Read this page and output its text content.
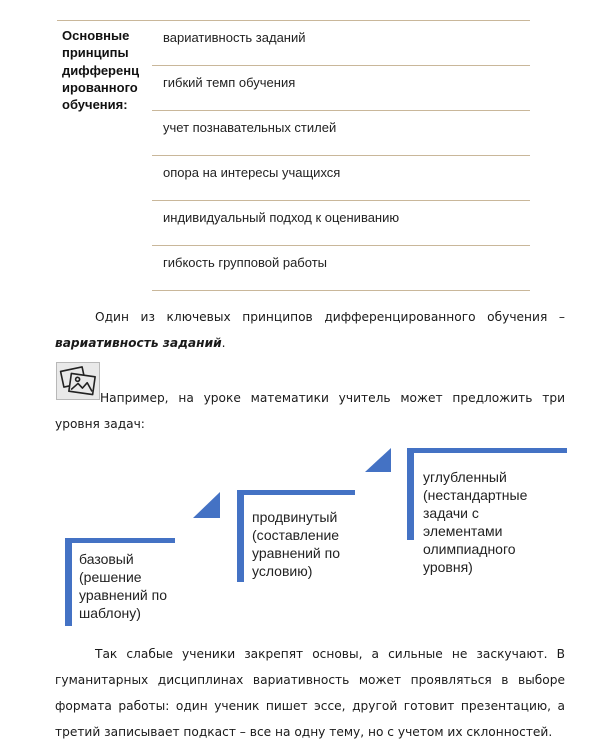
Основные принципы дифференц ированного обучения:
вариативность заданий
гибкий темп обучения
учет познавательных стилей
опора на интересы учащихся
индивидуальный подход к оцениванию
гибкость групповой работы
Один из ключевых принципов дифференцированного обучения – вариативность заданий.
Например, на уроке математики учитель может предложить три уровня задач:
базовый
(решение
уравнений по
шаблону)
продвинутый
(составление
уравнений по
условию)
углубленный
(нестандартные
задачи с
элементами
олимпиадного
уровня)
Так слабые ученики закрепят основы, а сильные не заскучают. В гуманитарных дисциплинах вариативность может проявляться в выборе формата работы: один ученик пишет эссе, другой готовит презентацию, а третий записывает подкаст – все на одну тему, но с учетом их склонностей.
